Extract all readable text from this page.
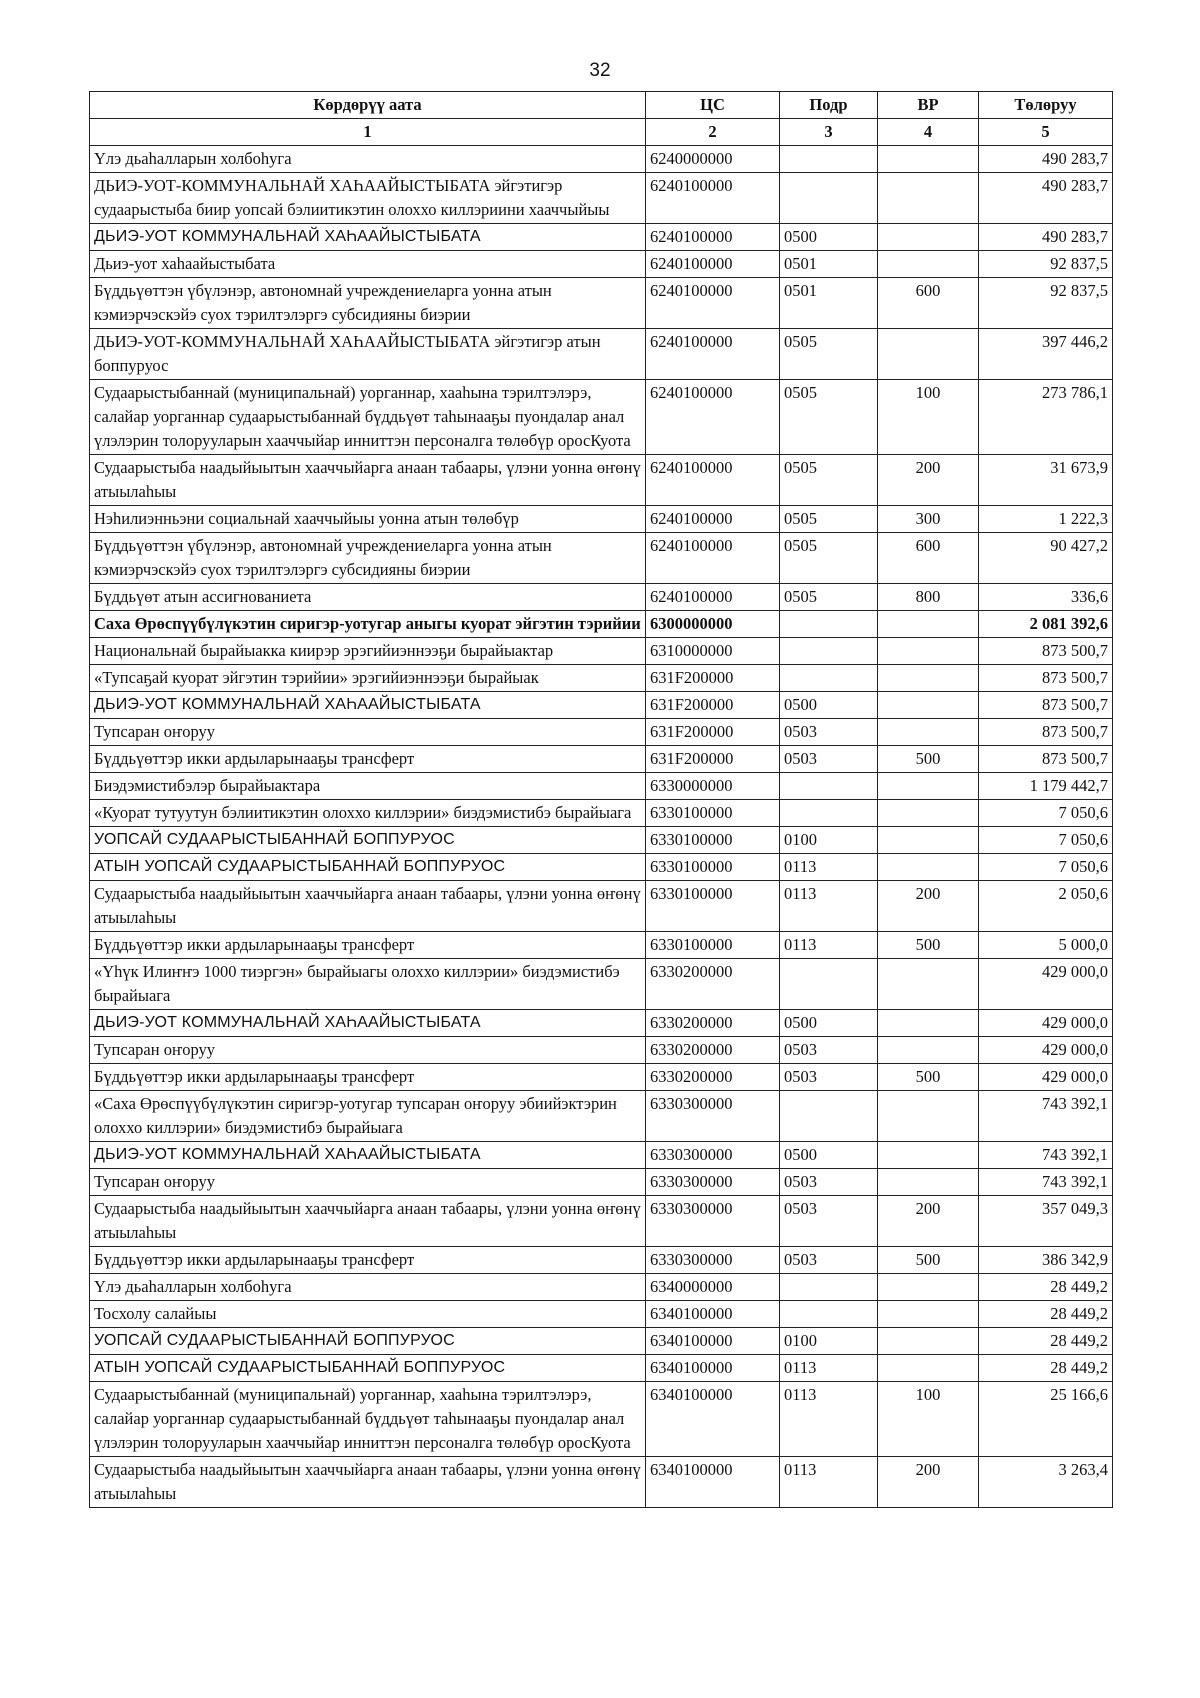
32
Көрдөрүү аата	ЦС	Подр	ВР	Төлөруу
1	2	3	4	5
Үлэ дьаһалларын холбоһуга	6240000000			490 283,7
ДЬИЭ-УОТ-КОММУНАЛЬНАЙ ХАҺААЙЫСТЫБАТА эйгэтигэр судаарыстыба биир уопсай бэлиитикэтин олоххо киллэриини хааччыйыы	6240100000			490 283,7
ДЬИЭ-УОТ КОММУНАЛЬНАЙ ХАҺААЙЫСТЫБАТА	6240100000	0500		490 283,7
Дьиэ-уот хаһаайыстыбата	6240100000	0501		92 837,5
Бүддьүөттэн үбүлэнэр, автономнай учреждениеларга уонна атын кэмиэрчэскэйэ суох тэрилтэлэргэ субсидияны биэрии	6240100000	0501	600	92 837,5
ДЬИЭ-УОТ-КОММУНАЛЬНАЙ ХАҺААЙЫСТЫБАТА эйгэтигэр атын боппуруос	6240100000	0505		397 446,2
Судаарыстыбаннай (муниципальнай) уорганнар, хааһына тэрилтэлэрэ, салайар уорганнар судаарыстыбаннай бүддьүөт таһынааҕы пуондалар анал үлэлэрин толорууларын хааччыйар инниттэн персоналга төлөбүр оросКуота	6240100000	0505	100	273 786,1
Судаарыстыба наадыйыытын хааччыйарга анаан табаары, үлэни уонна өҥөнү атыылаһыы	6240100000	0505	200	31 673,9
Нэһилиэнньэни социальнай хааччыйыы уонна атын төлөбүр	6240100000	0505	300	1 222,3
Бүддьүөттэн үбүлэнэр, автономнай учреждениеларга уонна атын кэмиэрчэскэйэ суох тэрилтэлэргэ субсидияны биэрии	6240100000	0505	600	90 427,2
Бүддьүөт атын ассигнованиета	6240100000	0505	800	336,6
Саха Өрөспүүбүлүкэтин сиригэр-уотугар аныгы куорат эйгэтин тэрийии	6300000000			2 081 392,6
Национальнай бырайыакка киирэр эрэгийиэннээҕи бырайыактар	6310000000			873 500,7
«Тупсаҕай куорат эйгэтин тэрийии» эрэгийиэннээҕи бырайыак	631F200000			873 500,7
ДЬИЭ-УОТ КОММУНАЛЬНАЙ ХАҺААЙЫСТЫБАТА	631F200000	0500		873 500,7
Тупсаран оҥоруу	631F200000	0503		873 500,7
Бүддьүөттэр икки ардыларынааҕы трансферт	631F200000	0503	500	873 500,7
Биэдэмистибэлэр бырайыактара	6330000000			1 179 442,7
«Куорат тутуутун бэлиитикэтин олоххо киллэрии» биэдэмистибэ бырайыага	6330100000			7 050,6
УОПСАЙ СУДААРЫСТЫБАННАЙ БОППУРУОС	6330100000	0100		7 050,6
АТЫН УОПСАЙ СУДААРЫСТЫБАННАЙ БОППУРУОС	6330100000	0113		7 050,6
Судаарыстыба наадыйыытын хааччыйарга анаан табаары, үлэни уонна өҥөнү атыылаһыы	6330100000	0113	200	2 050,6
Бүддьүөттэр икки ардыларынааҕы трансферт	6330100000	0113	500	5 000,0
«Үһүк Илиҥҥэ 1000 тиэргэн» бырайыагы олоххо киллэрии» биэдэмистибэ бырайыага	6330200000			429 000,0
ДЬИЭ-УОТ КОММУНАЛЬНАЙ ХАҺААЙЫСТЫБАТА	6330200000	0500		429 000,0
Тупсаран оҥоруу	6330200000	0503		429 000,0
Бүддьүөттэр икки ардыларынааҕы трансферт	6330200000	0503	500	429 000,0
«Саха Өрөспүүбүлүкэтин сиригэр-уотугар тупсаран оҥоруу эбиийэктэрин олоххо киллэрии» биэдэмистибэ бырайыага	6330300000			743 392,1
ДЬИЭ-УОТ КОММУНАЛЬНАЙ ХАҺААЙЫСТЫБАТА	6330300000	0500		743 392,1
Тупсаран оҥоруу	6330300000	0503		743 392,1
Судаарыстыба наадыйыытын хааччыйарга анаан табаары, үлэни уонна өҥөнү атыылаһыы	6330300000	0503	200	357 049,3
Бүддьүөттэр икки ардыларынааҕы трансферт	6330300000	0503	500	386 342,9
Үлэ дьаһалларын холбоһуга	6340000000			28 449,2
Тосхолу салайыы	6340100000			28 449,2
УОПСАЙ СУДААРЫСТЫБАННАЙ БОППУРУОС	6340100000	0100		28 449,2
АТЫН УОПСАЙ СУДААРЫСТЫБАННАЙ БОППУРУОС	6340100000	0113		28 449,2
Судаарыстыбаннай (муниципальнай) уорганнар, хааһына тэрилтэлэрэ, салайар уорганнар судаарыстыбаннай бүддьүөт таһынааҕы пуондалар анал үлэлэрин толорууларын хааччыйар инниттэн персоналга төлөбүр оросКуота	6340100000	0113	100	25 166,6
Судаарыстыба наадыйыытын хааччыйарга анаан табаары, үлэни уонна өҥөнү атыылаһыы	6340100000	0113	200	3 263,4
